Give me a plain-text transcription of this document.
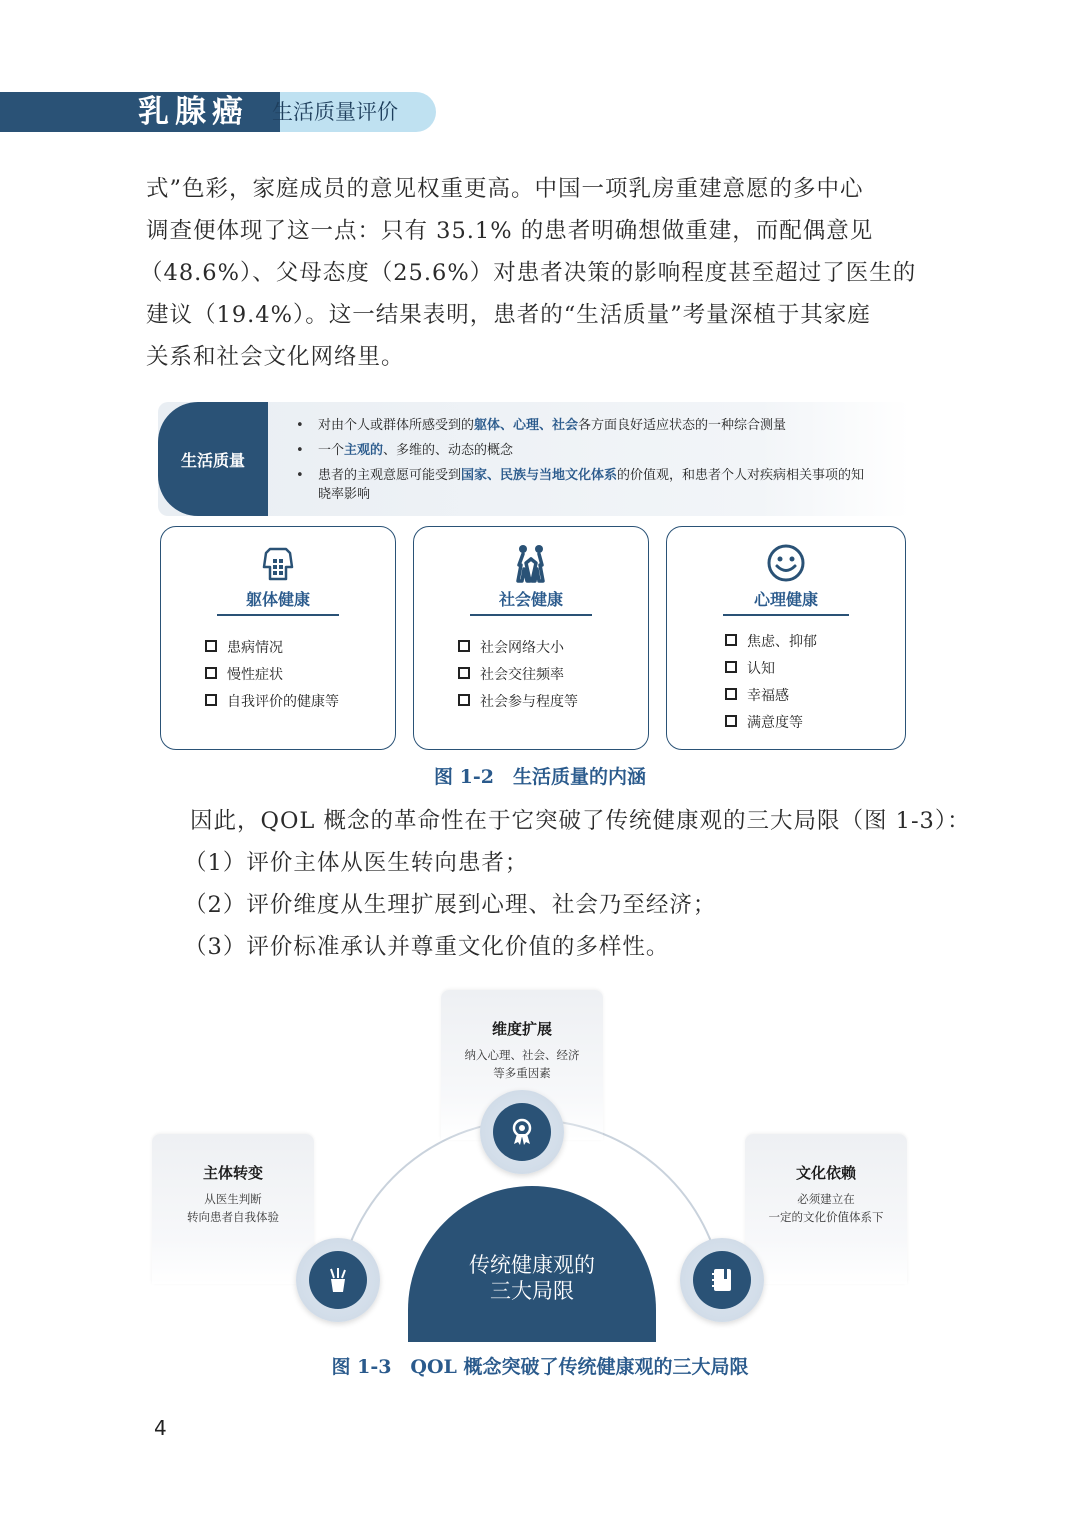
乳腺癌 生活质量评价
式”色彩，家庭成员的意见权重更高。中国一项乳房重建意愿的多中心
调查便体现了这一点：只有 35.1% 的患者明确想做重建，而配偶意见
（48.6%）、父母态度（25.6%）对患者决策的影响程度甚至超过了医生的
建议（19.4%）。这一结果表明，患者的“生活质量”考量深植于其家庭
关系和社会文化网络里。
生活质量
• 对由个人或群体所感受到的躯体、心理、社会各方面良好适应状态的一种综合测量
• 一个主观的、多维的、动态的概念
• 患者的主观意愿可能受到国家、民族与当地文化体系的价值观，和患者个人对疾病相关事项的知晓率影响
躯体健康
患病情况
慢性症状
自我评价的健康等
社会健康
社会网络大小
社会交往频率
社会参与程度等
心理健康
焦虑、抑郁
认知
幸福感
满意度等
图 1-2　生活质量的内涵
因此，QOL 概念的革命性在于它突破了传统健康观的三大局限（图 1-3）：
（1）评价主体从医生转向患者；
（2）评价维度从生理扩展到心理、社会乃至经济；
（3）评价标准承认并尊重文化价值的多样性。
维度扩展
纳入心理、社会、经济
等多重因素
主体转变
从医生判断
转向患者自我体验
文化依赖
必须建立在
一定的文化价值体系下
传统健康观的
三大局限
图 1-3　QOL 概念突破了传统健康观的三大局限
4
